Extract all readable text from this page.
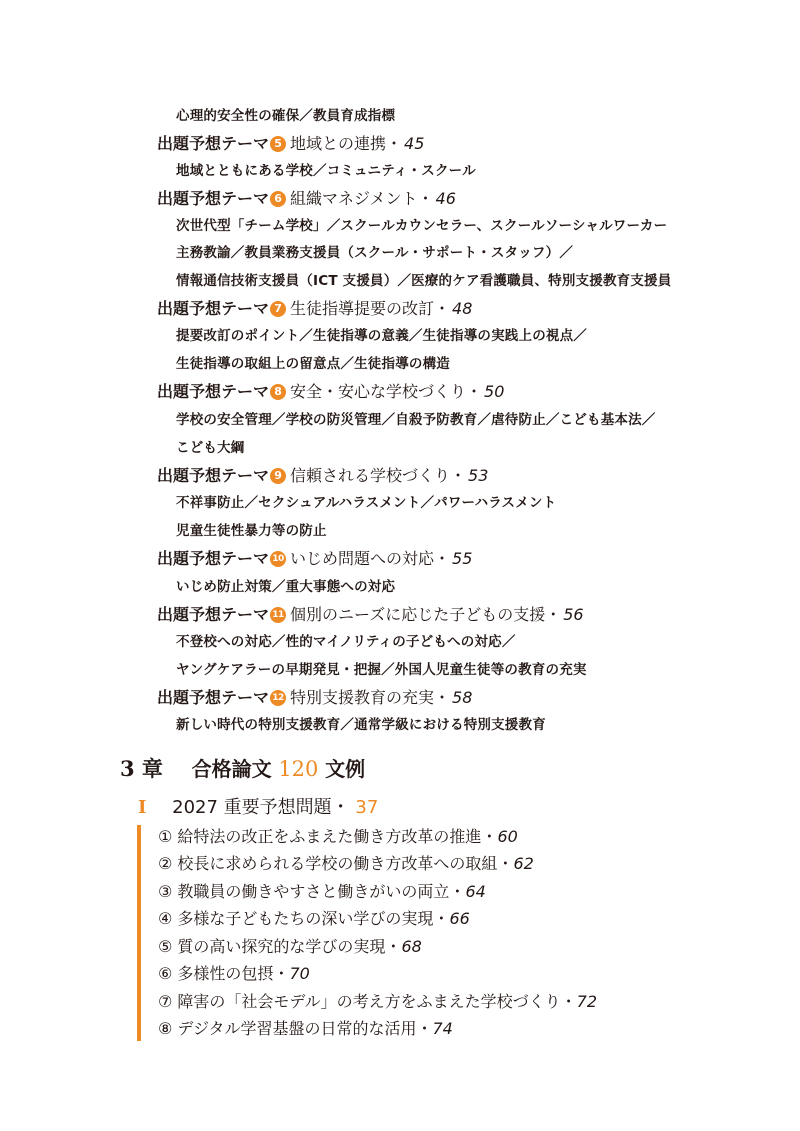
心理的安全性の確保／教員育成指標
出題予想テーマ 5 地域との連携・ 45
地域とともにある学校／コミュニティ・スクール
出題予想テーマ 6 組織マネジメント・ 46
次世代型「チーム学校」／スクールカウンセラー、スクールソーシャルワーカー
主務教諭／教員業務支援員（スクール・サポート・スタッフ）／
情報通信技術支援員（ICT 支援員）／医療的ケア看護職員、特別支援教育支援員
出題予想テーマ 7 生徒指導提要の改訂・ 48
提要改訂のポイント／生徒指導の意義／生徒指導の実践上の視点／
生徒指導の取組上の留意点／生徒指導の構造
出題予想テーマ 8 安全・安心な学校づくり・ 50
学校の安全管理／学校の防災管理／自殺予防教育／虐待防止／こども基本法／
こども大綱
出題予想テーマ 9 信頼される学校づくり・ 53
不祥事防止／セクシュアルハラスメント／パワーハラスメント
児童生徒性暴力等の防止
出題予想テーマ 10 いじめ問題への対応・ 55
いじめ防止対策／重大事態への対応
出題予想テーマ 11 個別のニーズに応じた子どもの支援・ 56
不登校への対応／性的マイノリティの子どもへの対応／
ヤングケアラーの早期発見・把握／外国人児童生徒等の教育の充実
出題予想テーマ 12 特別支援教育の充実・ 58
新しい時代の特別支援教育／通常学級における特別支援教育
3 章 合格論文 120 文例
I 2027 重要予想問題・ 37
① 給特法の改正をふまえた働き方改革の推進・60
② 校長に求められる学校の働き方改革への取組・62
③ 教職員の働きやすさと働きがいの両立・64
④ 多様な子どもたちの深い学びの実現・66
⑤ 質の高い探究的な学びの実現・68
⑥ 多様性の包摂・70
⑦ 障害の「社会モデル」の考え方をふまえた学校づくり・72
⑧ デジタル学習基盤の日常的な活用・74
